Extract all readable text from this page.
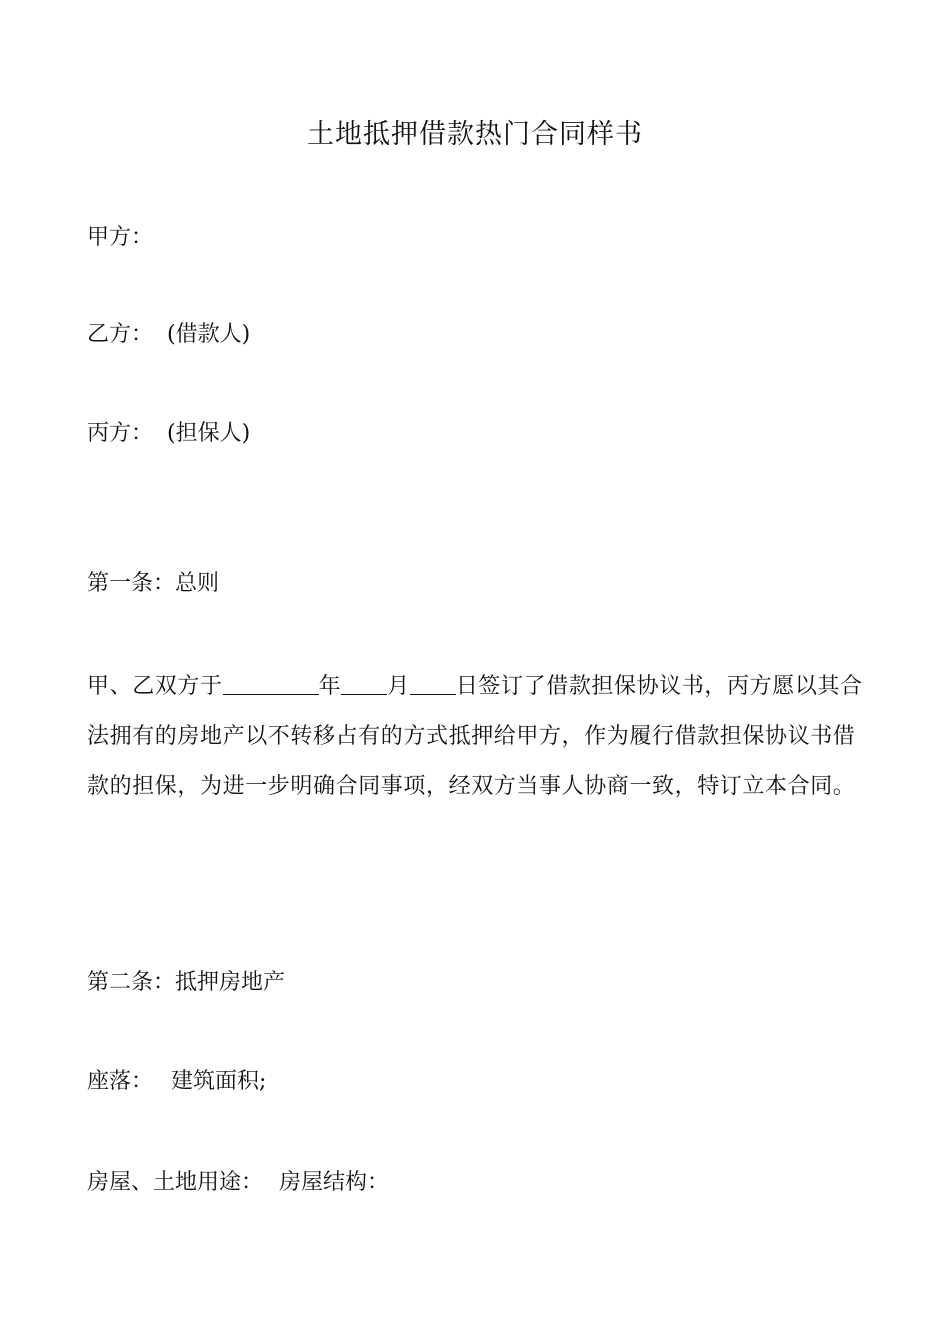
土地抵押借款热门合同样书
甲方：
乙方： (借款人)
丙方： (担保人)
第一条：总则
甲、乙双方于	年 月 日签订了借款担保协议书，丙方愿以其合法拥有的房地产以不转移占有的方式抵押给甲方，作为履行借款担保协议书借款的担保，为进一步明确合同事项，经双方当事人协商一致，特订立本合同。
第二条：抵押房地产
座落： 建筑面积;
房屋、土地用途： 房屋结构：
